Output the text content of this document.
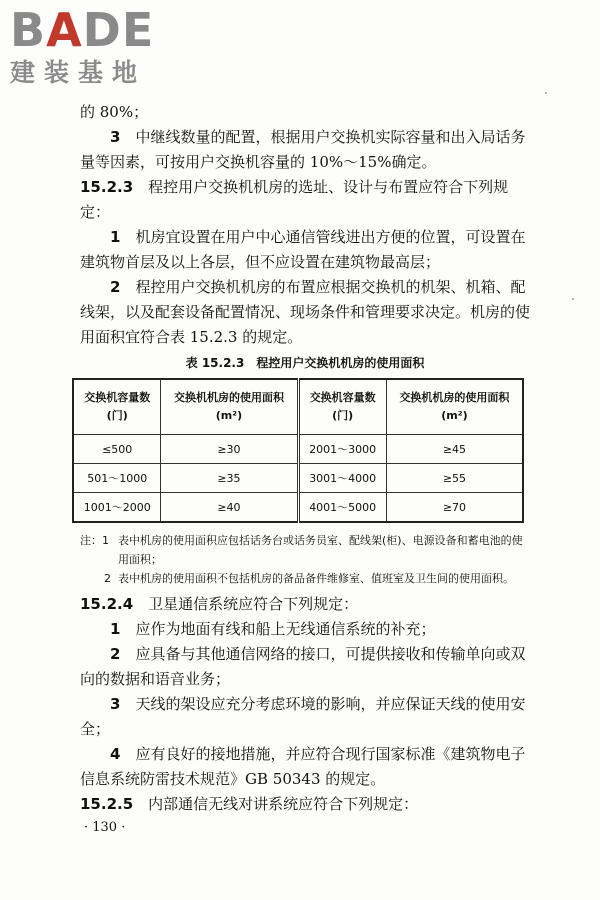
BADE
建装基地

的 80%；

3　 中继线数量的配置，根据用户交换机实际容量和出入局话务量等因素，可按用户交换机容量的 10%～15%确定。

15.2.3　 程控用户交换机机房的选址、设计与布置应符合下列规定：

1　 机房宜设置在用户中心通信管线进出方便的位置，可设置在建筑物首层及以上各层，但不应设置在建筑物最高层；

2　 程控用户交换机机房的布置应根据交换机的机架、机箱、配线架，以及配套设备配置情况、现场条件和管理要求决定。机房的使用面积宜符合表 15.2.3 的规定。

表 15.2.3　程控用户交换机机房的使用面积
交换机容量数(门)	交换机机房的使用面积(m²)	交换机容量数(门)	交换机机房的使用面积(m²)
≤500	≥30	2001～3000	≥45
501～1000	≥35	3001～4000	≥55
1001～2000	≥40	4001～5000	≥70
注：1 表中机房的使用面积应包括话务台或话务员室、配线架(柜)、电源设备和蓄电池的使用面积；
2 表中机房的使用面积不包括机房的备品备件维修室、值班室及卫生间的使用面积。

15.2.4　 卫星通信系统应符合下列规定：

1　 应作为地面有线和船上无线通信系统的补充；

2　 应具备与其他通信网络的接口，可提供接收和传输单向或双向的数据和语音业务；

3　 天线的架设应充分考虑环境的影响，并应保证天线的使用安全；

4　 应有良好的接地措施，并应符合现行国家标准《建筑物电子信息系统防雷技术规范》GB 50343 的规定。

15.2.5　 内部通信无线对讲系统应符合下列规定：

· 130 ·
